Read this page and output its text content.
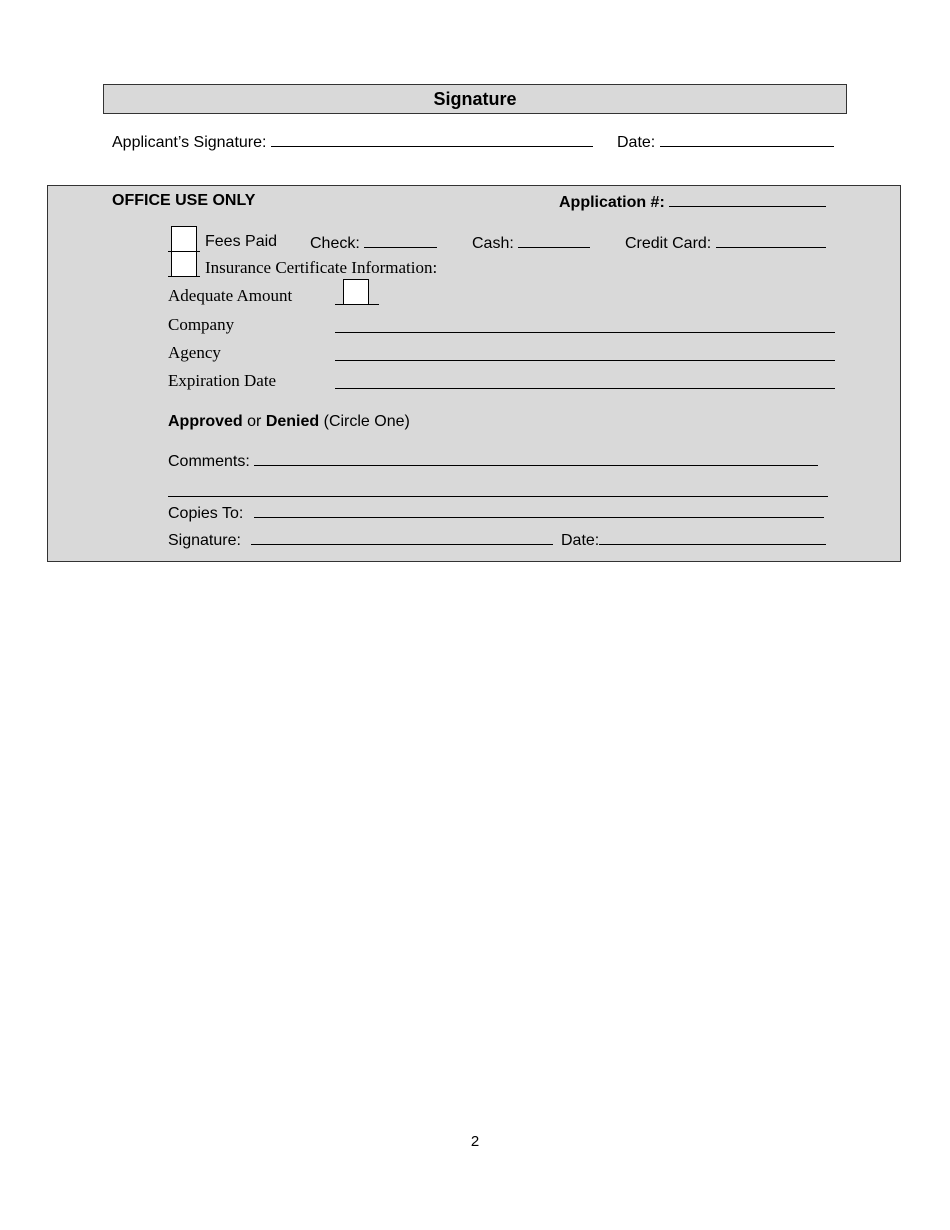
Signature
Applicant’s Signature:	Date:
OFFICE USE ONLY	Application #:
Fees Paid Check:	Cash:	Credit Card:
Insurance Certificate Information:
Adequate Amount
Company
Agency
Expiration Date
Approved or Denied (Circle One)
Comments:
Copies To:
Signature:	Date:
2
